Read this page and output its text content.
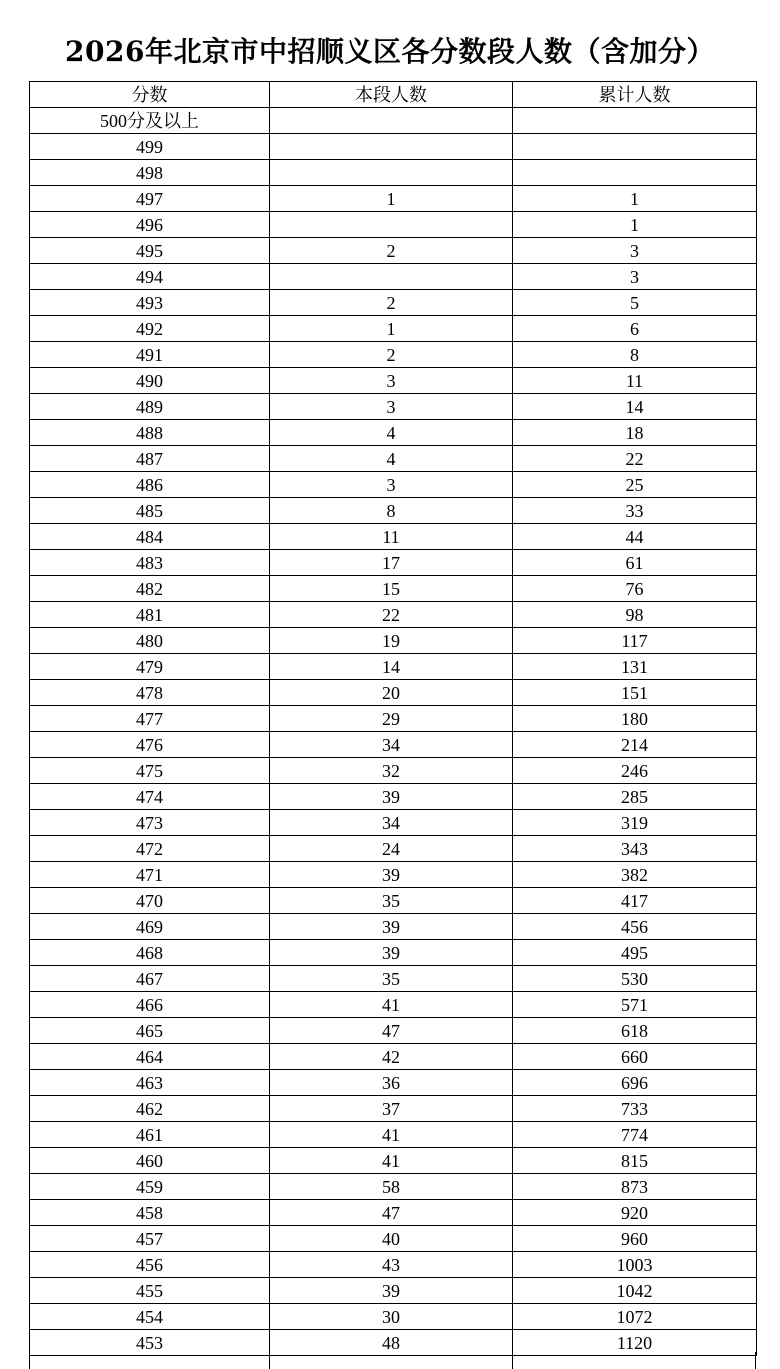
2026年北京市中招顺义区各分数段人数（含加分）
分数	本段人数	累计人数
500分及以上		
499		
498		
497	1	1
496		1
495	2	3
494		3
493	2	5
492	1	6
491	2	8
490	3	11
489	3	14
488	4	18
487	4	22
486	3	25
485	8	33
484	11	44
483	17	61
482	15	76
481	22	98
480	19	117
479	14	131
478	20	151
477	29	180
476	34	214
475	32	246
474	39	285
473	34	319
472	24	343
471	39	382
470	35	417
469	39	456
468	39	495
467	35	530
466	41	571
465	47	618
464	42	660
463	36	696
462	37	733
461	41	774
460	41	815
459	58	873
458	47	920
457	40	960
456	43	1003
455	39	1042
454	30	1072
453	48	1120
